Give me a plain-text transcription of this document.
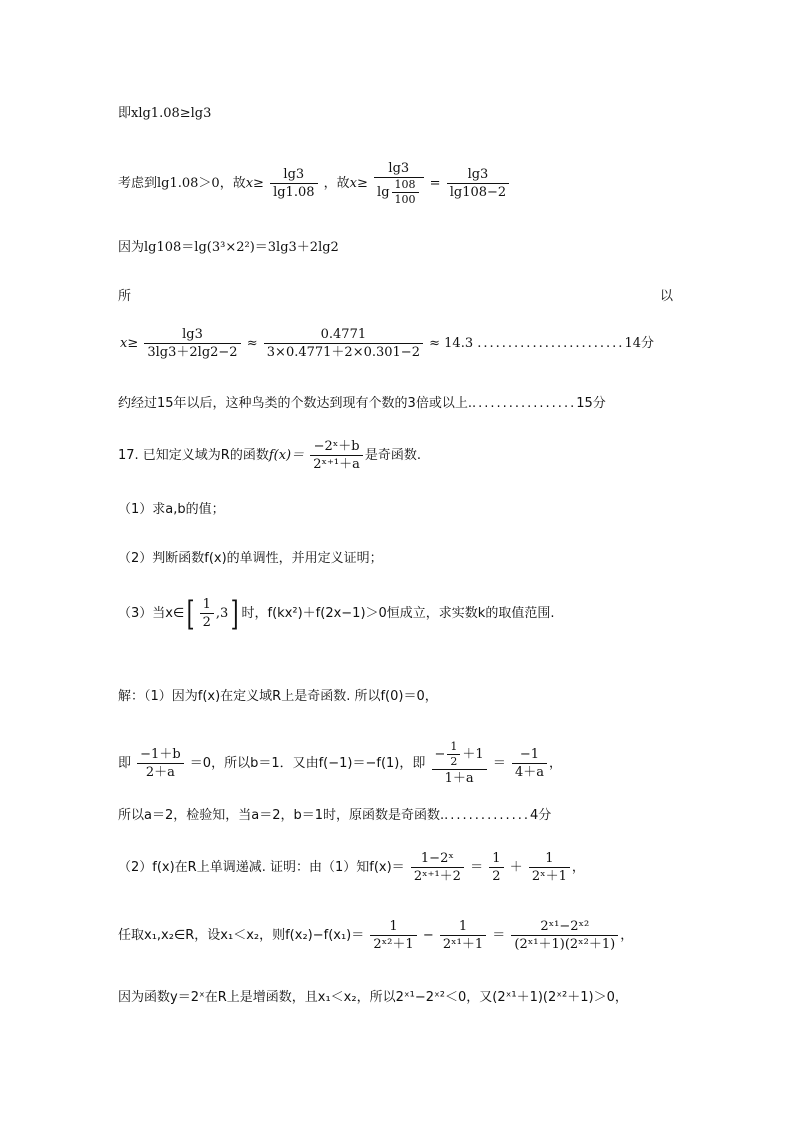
即xlg1.08≥lg3
考虑到lg1.08＞0，故$x\ge \frac{\lg 3}{\lg 1.08}$ ，故$x\ge \frac{\lg 3}{\lg \frac{108}{100}} = \frac{\lg 3}{\lg 108-2}$
因为lg108＝lg(3³×2²)＝3lg3＋2lg2
所	以
$x\ge \frac{\lg 3}{3\lg 3+2\lg 2-2} \approx \frac{0.4771}{3\times 0.4771+2\times 0.301-2} \approx 14.3$ ........................14分
约经过15年以后，这种鸟类的个数达到现有个数的3倍或以上..................15分
17. 已知定义域为R的函数$f(x)= \frac{\text{−2ˣ＋b}}{\text{2ˣ⁺¹＋a}}$ 是奇函数.
（1）求a,b的值；
（2）判断函数f(x)的单调性，并用定义证明；
（3）当x∈[ $\frac{1}{2} ,3$] 时，f(kx²)＋f(2x−1)＞0恒成立，求实数k的取值范围.
解：（1）因为f(x)在定义域R上是奇函数. 所以f(0)＝0，
即 $\frac{-1+b}{2+a} =0$，所以b＝1．又由f(−1)＝−f(1)，即 $\frac{- \frac{1}{2} +1}{1+a} = \frac{-1}{4+a}$ ，
所以a＝2，检验知，当a＝2，b＝1时，原函数是奇函数...............4分
（2）f(x)在R上单调递减. 证明：由（1）知$f(x)= \frac{\text{1−2ˣ}}{\text{2ˣ⁺¹＋2}} = \frac{1}{2} + \frac{1}{\text{2ˣ＋1}}$ ，
任取x₁,x₂∈R，设x₁＜x₂，则$f(x_2)-f(x_1)= \frac{1}{\text{2ˣ²＋1}} - \frac{1}{\text{2ˣ¹＋1}} = \frac{\text{2ˣ¹−2ˣ²}}{\text{(2ˣ¹＋1)(2ˣ²＋1)}}$ ，
因为函数y＝2ˣ在R上是增函数，且x₁＜x₂，所以2ˣ¹−2ˣ²＜0，又(2ˣ¹＋1)(2ˣ²＋1)＞0，
